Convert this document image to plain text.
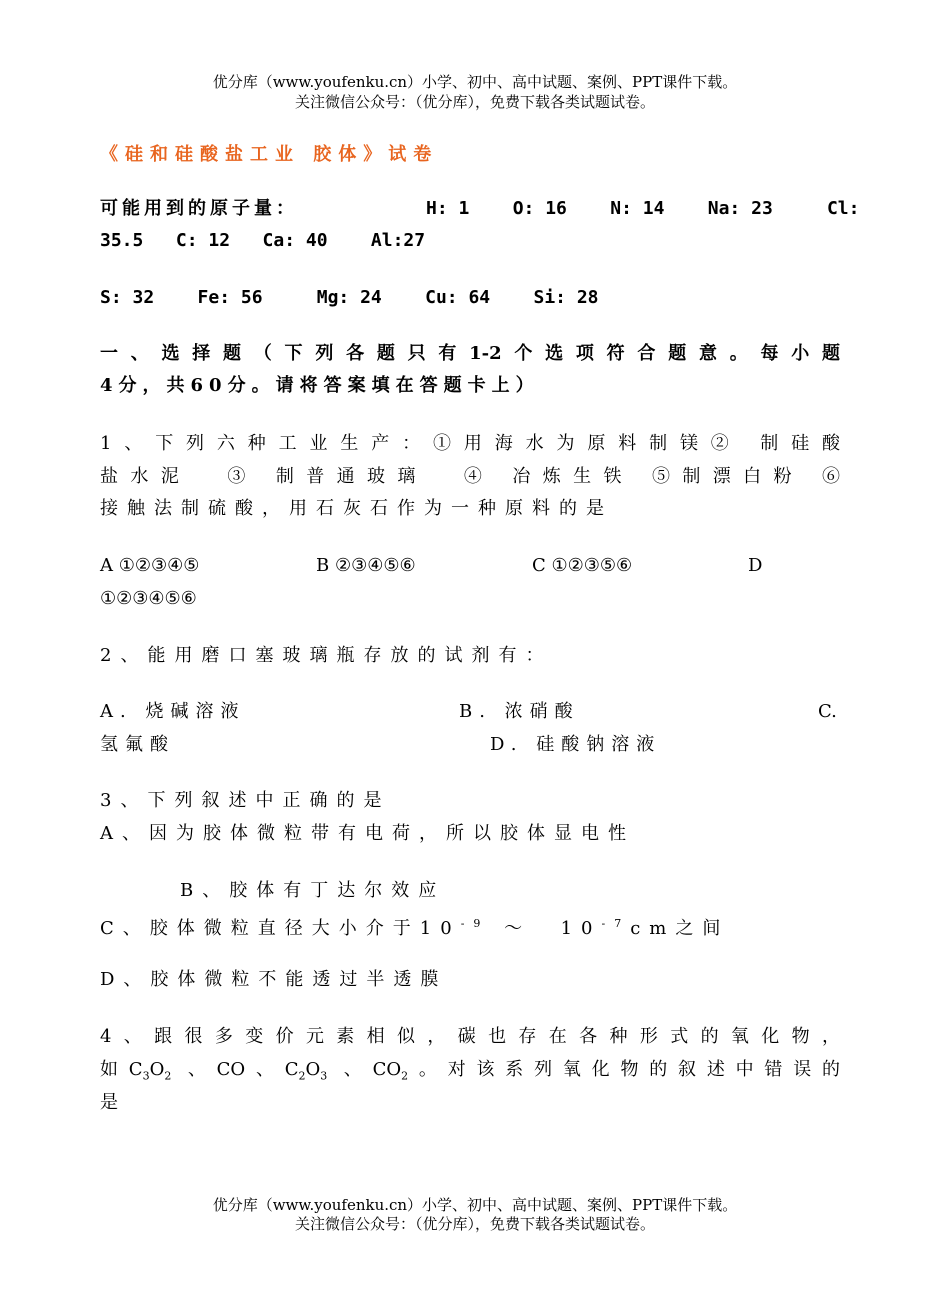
优分库（www.youfenku.cn）小学、初中、高中试题、案例、PPT课件下载。
关注微信公众号：（优分库），免费下载各类试题试卷。
《硅和硅酸盐工业 胶体》试卷
可能用到的原子量：	H: 1    O: 16    N: 14    Na: 23     Cl:
35.5   C: 12   Ca: 40    Al:27
S: 32    Fe: 56     Mg: 24    Cu: 64    Si: 28
一、选择题（下列各题只有1-2个选项符合题意。每小题
4分，共60分。请将答案填在答题卡上）
1、下列六种工业生产：①用海水为原料制镁② 制硅酸
盐水泥  ③ 制普通玻璃  ④ 冶炼生铁 ⑤制漂白粉 ⑥
接触法制硫酸，用石灰石作为一种原料的是
A ①②③④⑤	B ②③④⑤⑥	C ①②③⑤⑥	D
①②③④⑤⑥
2、能用磨口塞玻璃瓶存放的试剂有：
A. 烧碱溶液	B. 浓硝酸	C.
氢氟酸	D. 硅酸钠溶液
3、下列叙述中正确的是
A、因为胶体微粒带有电荷，所以胶体显电性
B、胶体有丁达尔效应
C、胶体微粒直径大小介于$10^{-9}$ ～  $10^{-7}cm$之间
D、胶体微粒不能透过半透膜
4、跟很多变价元素相似，碳也存在各种形式的氧化物，
如$C_3O_2$ 、CO、$C_2O_3$ 、$CO_2$。对该系列氧化物的叙述中错误的
是
优分库（www.youfenku.cn）小学、初中、高中试题、案例、PPT课件下载。
关注微信公众号：（优分库），免费下载各类试题试卷。
